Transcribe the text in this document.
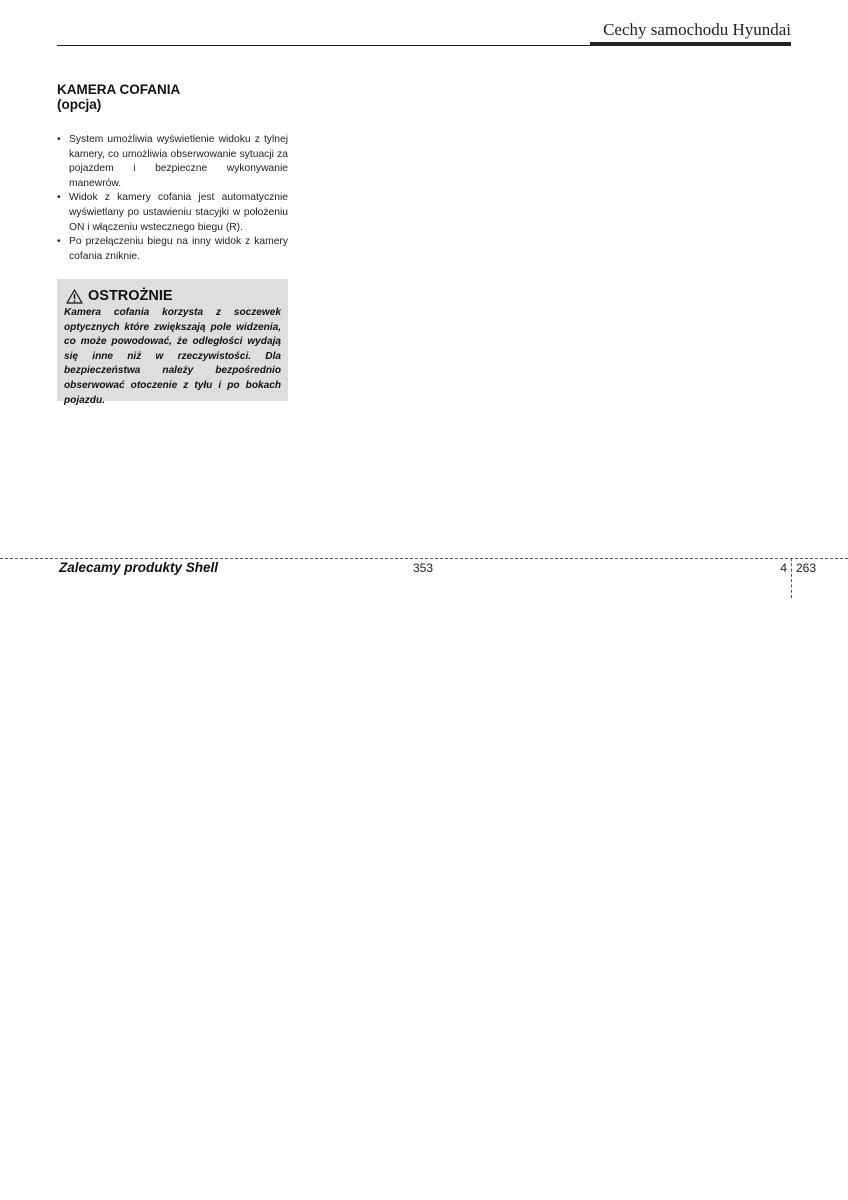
Cechy samochodu Hyundai
KAMERA COFANIA
(opcja)
• System umożliwia wyświetlenie widoku z tylnej kamery, co umożliwia obserwowanie sytuacji za pojazdem i bezpieczne wykonywanie manewrów.
• Widok z kamery cofania jest automatycznie wyświetlany po ustawieniu stacyjki w położeniu ON i włączeniu wstecznego biegu (R).
• Po przełączeniu biegu na inny widok z kamery cofania zniknie.
OSTROŻNIE
Kamera cofania korzysta z soczewek optycznych które zwiększają pole widzenia, co może powodować, że odległości wydają się inne niż w rzeczywistości. Dla bezpieczeństwa należy bezpośrednio obserwować otoczenie z tyłu i po bokach pojazdu.
Zalecamy produkty Shell	353	4 263
